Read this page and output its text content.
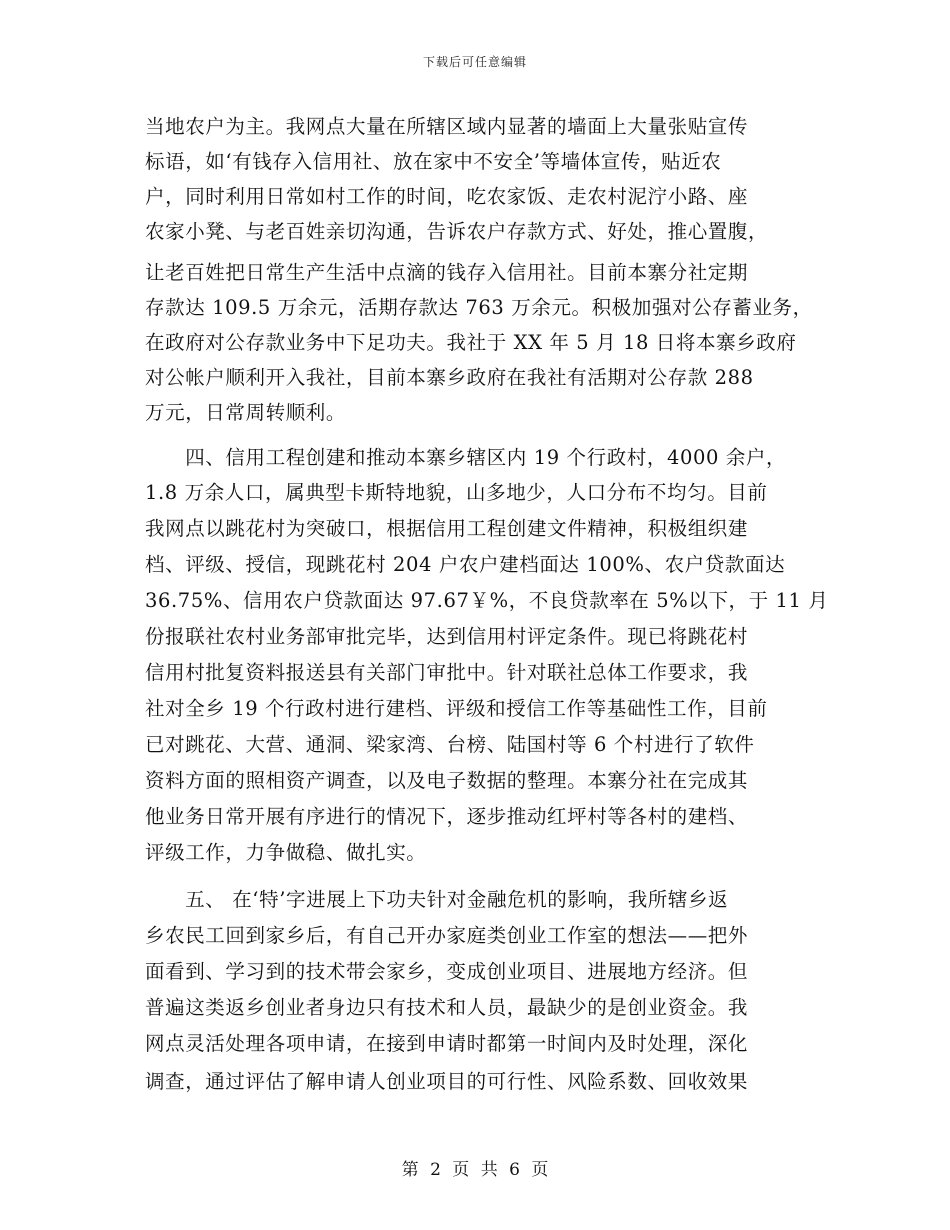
下载后可任意编辑
当地农户为主。我网点大量在所辖区域内显著的墙面上大量张贴宣传
标语，如‘有钱存入信用社、放在家中不安全’等墙体宣传，贴近农
户，同时利用日常如村工作的时间，吃农家饭、走农村泥泞小路、座
农家小凳、与老百姓亲切沟通，告诉农户存款方式、好处，推心置腹，
让老百姓把日常生产生活中点滴的钱存入信用社。目前本寨分社定期
存款达 109.5 万余元，活期存款达 763 万余元。积极加强对公存蓄业务，
在政府对公存款业务中下足功夫。我社于 XX 年 5 月 18 日将本寨乡政府
对公帐户顺利开入我社，目前本寨乡政府在我社有活期对公存款 288
万元，日常周转顺利。
　　四、信用工程创建和推动本寨乡辖区内 19 个行政村，4000 余户，
1.8 万余人口，属典型卡斯特地貌，山多地少，人口分布不均匀。目前
我网点以跳花村为突破口，根据信用工程创建文件精神，积极组织建
档、评级、授信，现跳花村 204 户农户建档面达 100%、农户贷款面达
36.75%、信用农户贷款面达 97.67￥%，不良贷款率在 5%以下，于 11 月
份报联社农村业务部审批完毕，达到信用村评定条件。现已将跳花村
信用村批复资料报送县有关部门审批中。针对联社总体工作要求，我
社对全乡 19 个行政村进行建档、评级和授信工作等基础性工作，目前
已对跳花、大营、通洞、梁家湾、台榜、陆国村等 6 个村进行了软件
资料方面的照相资产调查，以及电子数据的整理。本寨分社在完成其
他业务日常开展有序进行的情况下，逐步推动红坪村等各村的建档、
评级工作，力争做稳、做扎实。
　　五、 在‘特’字进展上下功夫针对金融危机的影响，我所辖乡返
乡农民工回到家乡后，有自己开办家庭类创业工作室的想法——把外
面看到、学习到的技术带会家乡，变成创业项目、进展地方经济。但
普遍这类返乡创业者身边只有技术和人员，最缺少的是创业资金。我
网点灵活处理各项申请，在接到申请时都第一时间内及时处理，深化
调查，通过评估了解申请人创业项目的可行性、风险系数、回收效果
第 2 页 共 6 页
